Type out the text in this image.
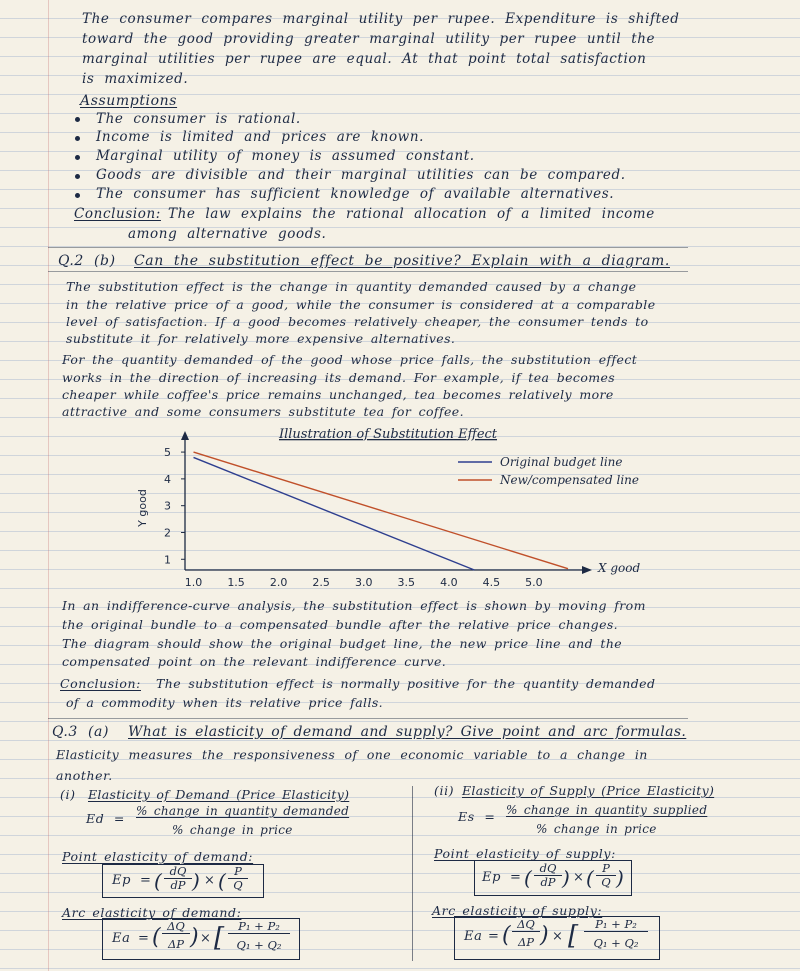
The consumer compares marginal utility per rupee. Expenditure is shifted
toward the good providing greater marginal utility per rupee until the
marginal utilities per rupee are equal. At that point total satisfaction
is maximized.
Assumptions
The consumer is rational.
Income is limited and prices are known.
Marginal utility of money is assumed constant.
Goods are divisible and their marginal utilities can be compared.
The consumer has sufficient knowledge of available alternatives.
Conclusion: The law explains the rational allocation of a limited income
among alternative goods.
Q.2 (b) Can the substitution effect be positive? Explain with a diagram.
The substitution effect is the change in quantity demanded caused by a change
in the relative price of a good, while the consumer is considered at a comparable
level of satisfaction. If a good becomes relatively cheaper, the consumer tends to
substitute it for relatively more expensive alternatives.
For the quantity demanded of the good whose price falls, the substitution effect
works in the direction of increasing its demand. For example, if tea becomes
cheaper while coffee's price remains unchanged, tea becomes relatively more
attractive and some consumers substitute tea for coffee.
Illustration of Substitution Effect
Y good
X good
1
2
3
4
5
1.0 1.5 2.0 2.5 3.0 3.5 4.0 4.5 5.0
Original budget line
New/compensated line
In an indifference-curve analysis, the substitution effect is shown by moving from
the original bundle to a compensated bundle after the relative price changes.
The diagram should show the original budget line, the new price line and the
compensated point on the relevant indifference curve.
Conclusion: The substitution effect is normally positive for the quantity demanded
of a commodity when its relative price falls.
Q.3 (a) What is elasticity of demand and supply? Give point and arc formulas.
Elasticity measures the responsiveness of one economic variable to a change in
another.
(i) Elasticity of Demand (Price Elasticity)
Ed = % change in quantity demanded
% change in price
Point elasticity of demand:
Ep = ( dQ
dP ) × ( P
Q
Arc elasticity of demand:
Ea = ( ΔQ
ΔP ) × [	P₁ + P₂
Q₁ + Q₂
(ii) Elasticity of Supply (Price Elasticity)
Es = % change in quantity supplied
% change in price
Point elasticity of supply:
Ep = ( dQ
dP ) × ( P
Q )
Arc elasticity of supply:
Ea = ( ΔQ
ΔP ) × [	P₁ + P₂
Q₁ + Q₂
